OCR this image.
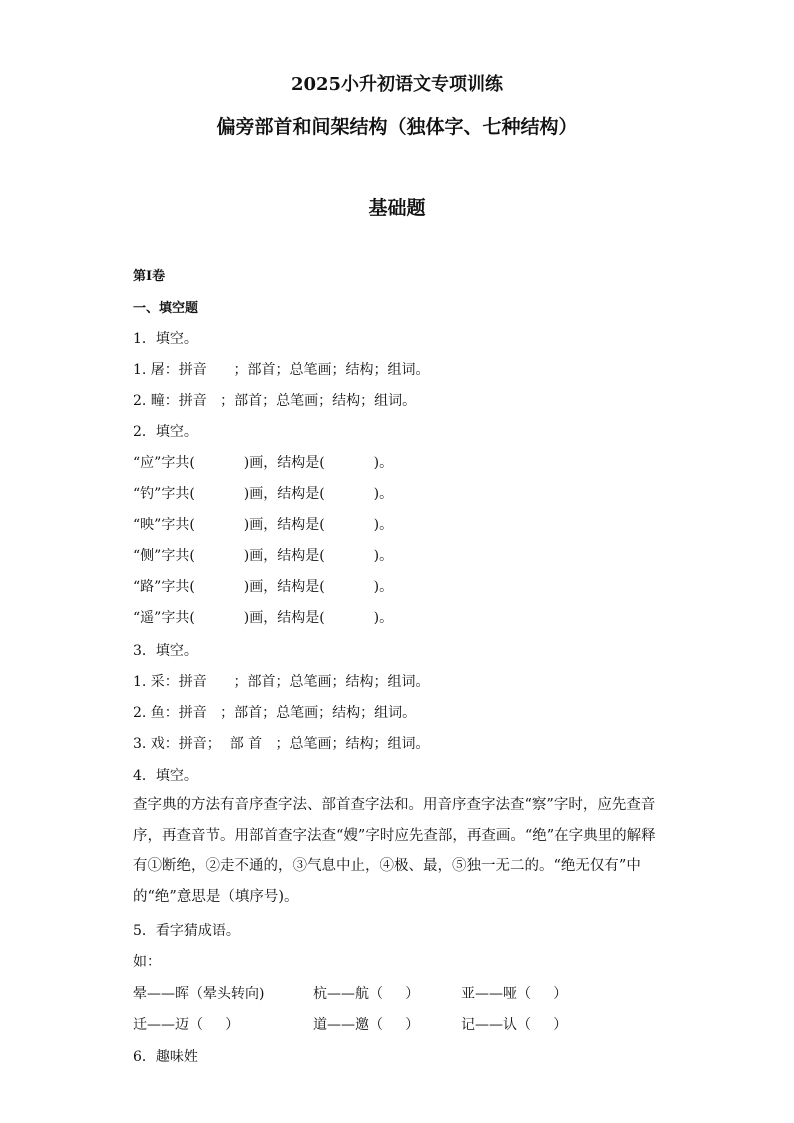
2025小升初语文专项训练
偏旁部首和间架结构（独体字、七种结构）
基础题
第I卷
一、填空题
1．填空。
1. 屠：拼音      ；部首；总笔画；结构；组词。
2. 疃：拼音   ；部首；总笔画；结构；组词。
2．填空。
“应”字共(           )画，结构是(           )。
“钓”字共(           )画，结构是(           )。
“映”字共(           )画，结构是(           )。
“侧”字共(           )画，结构是(           )。
“路”字共(           )画，结构是(           )。
“遥”字共(           )画，结构是(           )。
3．填空。
1. 采：拼音      ；部首；总笔画；结构；组词。
2. 鱼：拼音   ；部首；总笔画；结构；组词。
3. 戏：拼音；  部 首   ；总笔画；结构；组词。
4．填空。
查字典的方法有音序查字法、部首查字法和。用音序查字法查“察”字时，应先查音序，再查音节。用部首查字法查“嫂”字时应先查部，再查画。“绝”在字典里的解释有①断绝，②走不通的，③气息中止，④极、最，⑤独一无二的。“绝无仅有”中的“绝”意思是（填序号)。
5．看字猜成语。
如：
晕——晖（晕头转向)	杭——航（     ）	亚——哑（     ）
迁——迈（     ）	道——邀（     ）	记——认（     ）
6．趣味姓
